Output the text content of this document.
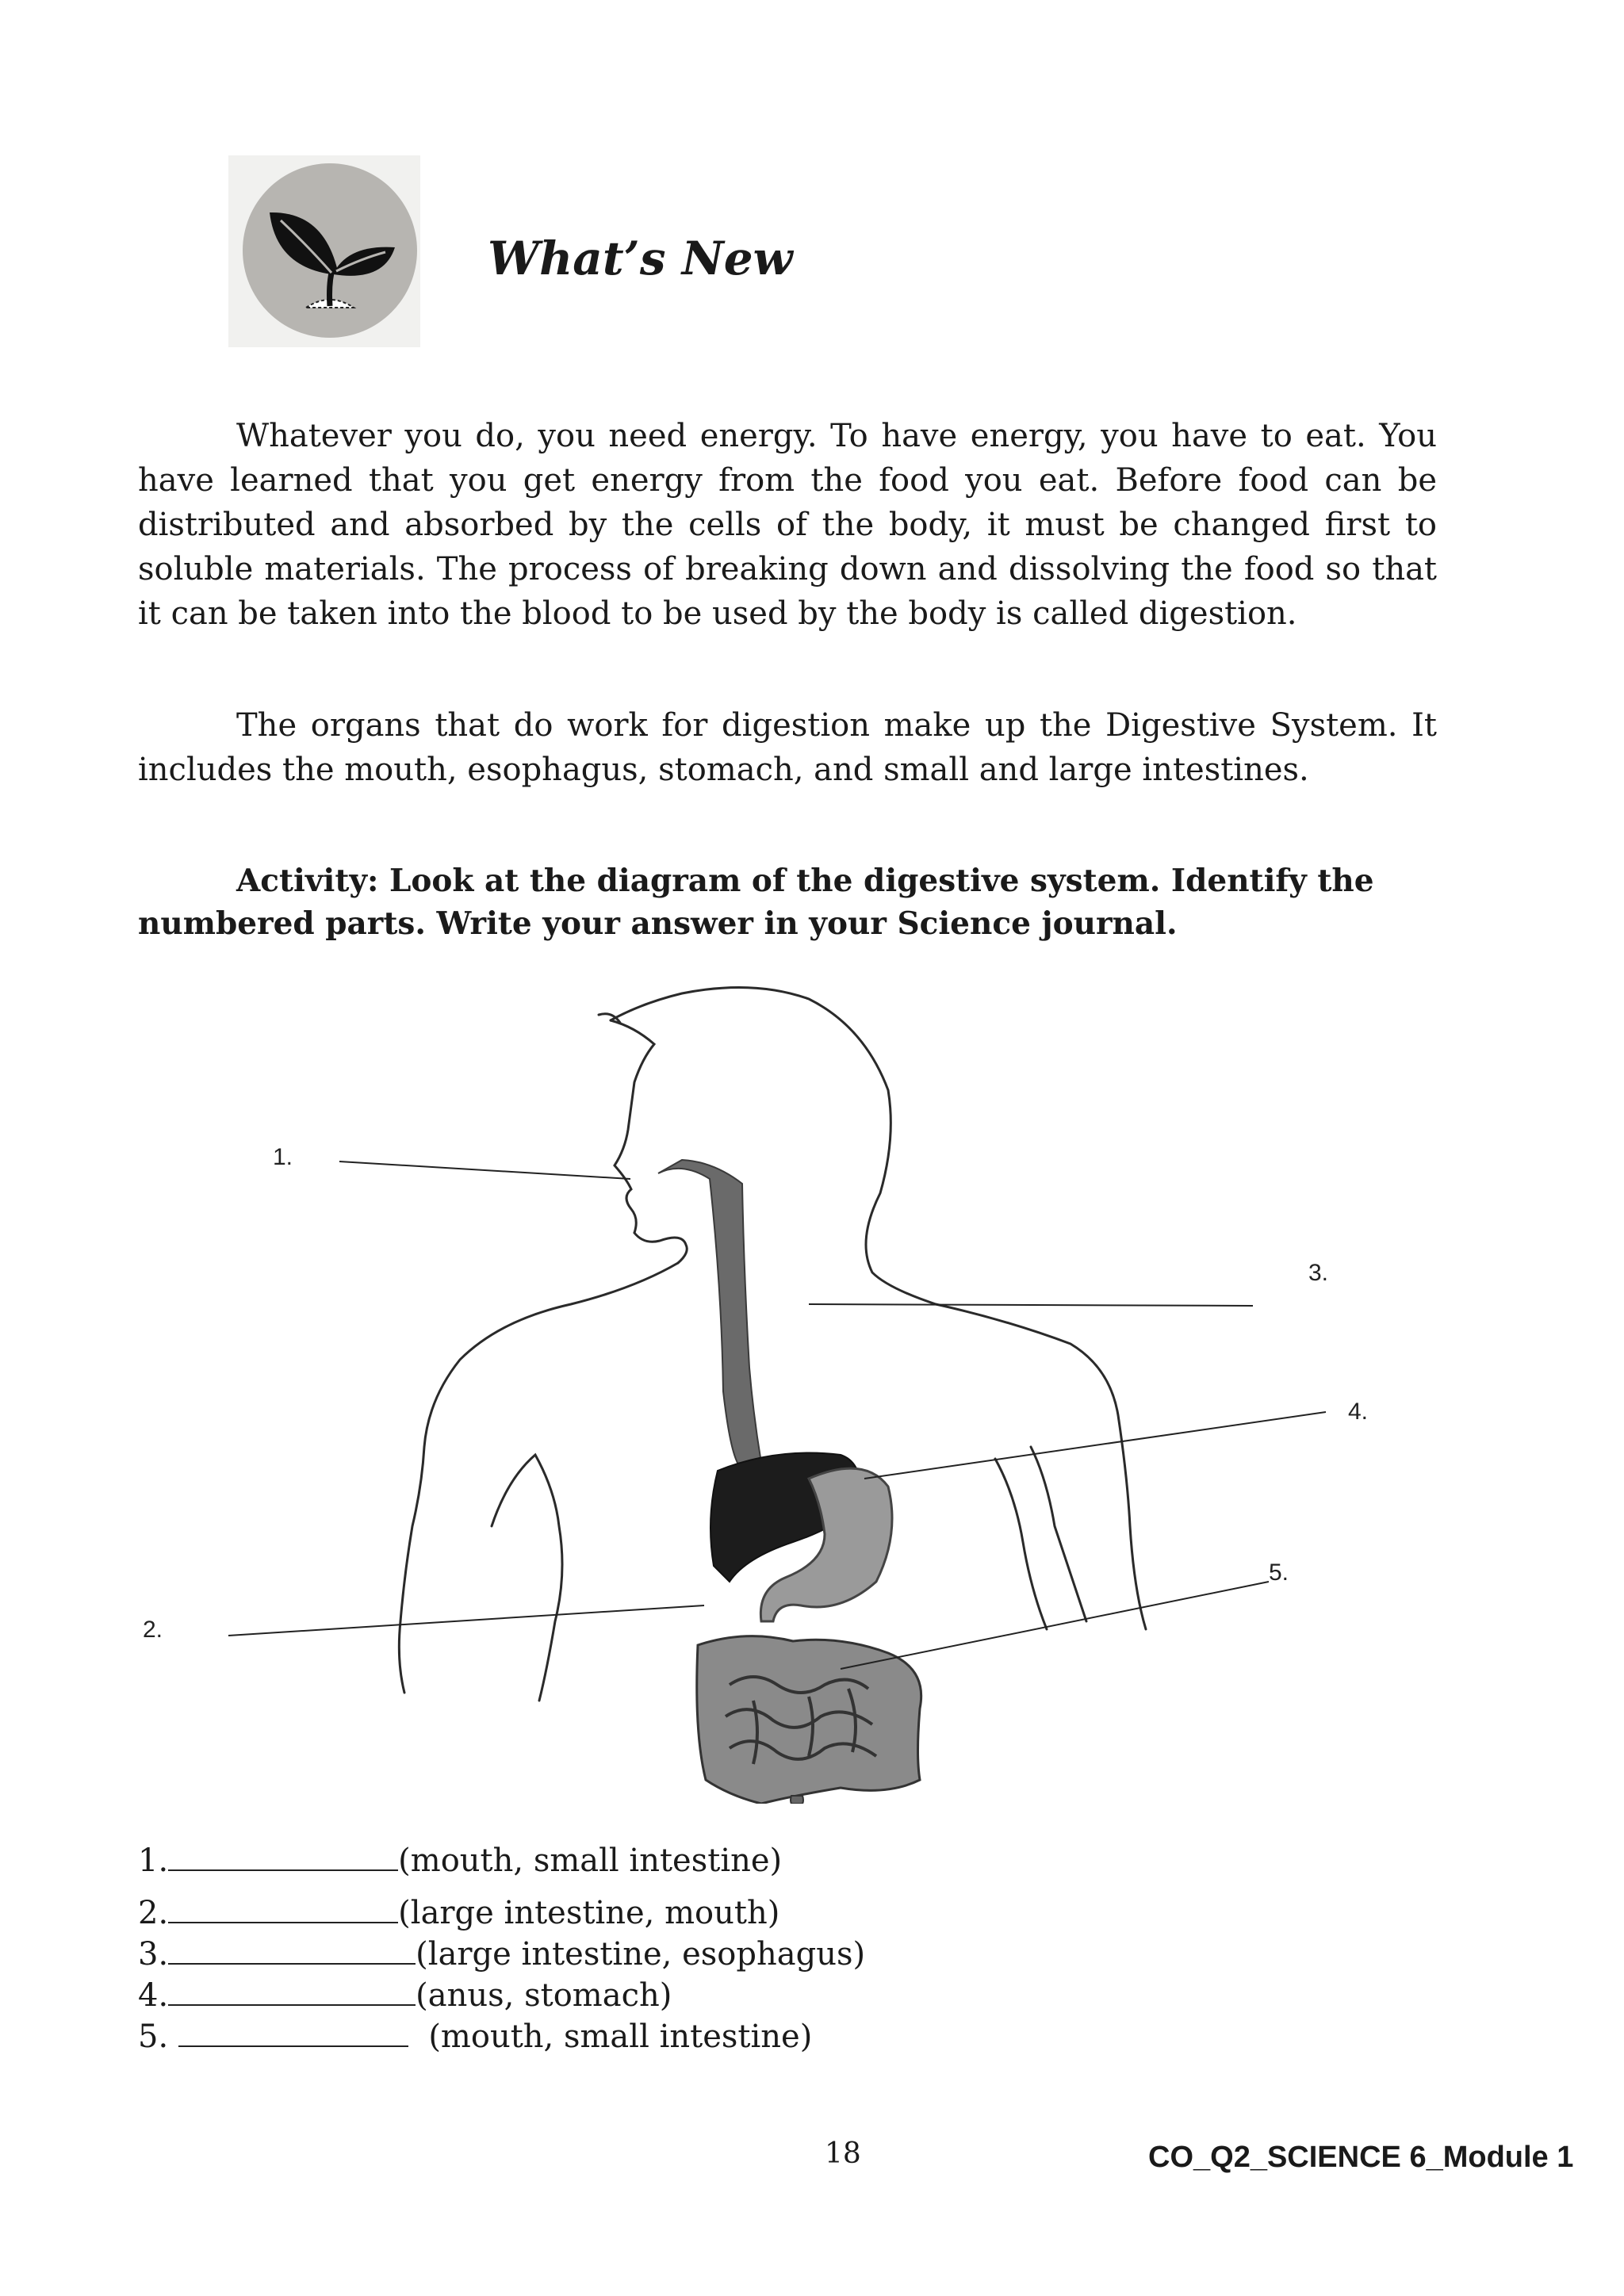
What’s New

Whatever you do, you need energy. To have energy, you have to eat. You have learned that you get energy from the food you eat. Before food can be distributed and absorbed by the cells of the body, it must be changed first to soluble materials. The process of breaking down and dissolving the food so that it can be taken into the blood to be used by the body is called digestion.

The organs that do work for digestion make up the Digestive System. It includes the mouth, esophagus, stomach, and small and large intestines.

Activity: Look at the diagram of the digestive system. Identify the numbered parts. Write your answer in your Science journal.

1.
2.
3.
4.
5.
1.	(mouth, small intestine)
2.	(large intestine, mouth)
3.	(large intestine, esophagus)
4.	(anus, stomach)
5.	(mouth, small intestine)
18	CO_Q2_SCIENCE 6_Module 1
